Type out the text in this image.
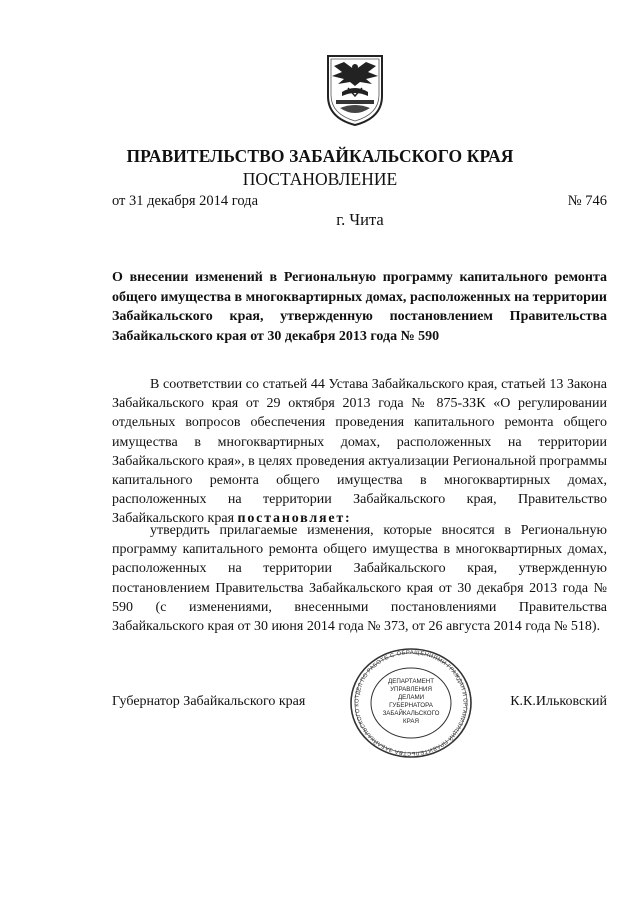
ПРАВИТЕЛЬСТВО ЗАБАЙКАЛЬСКОГО КРАЯ
ПОСТАНОВЛЕНИЕ
от 31 декабря 2014 года	№ 746
г. Чита
О внесении изменений в Региональную программу капитального ремонта общего имущества в многоквартирных домах, расположенных на территории Забайкальского края, утвержденную постановлением Правительства Забайкальского края от 30 декабря 2013 года № 590
В соответствии со статьей 44 Устава Забайкальского края, статьей 13 Закона Забайкальского края от 29 октября 2013 года № 875-ЗЗК «О регулировании отдельных вопросов обеспечения проведения капитального ремонта общего имущества в многоквартирных домах, расположенных на территории Забайкальского края», в целях проведения актуализации Региональной программы капитального ремонта общего имущества в многоквартирных домах, расположенных на территории Забайкальского края, Правительство Забайкальского края постановляет:
утвердить прилагаемые изменения, которые вносятся в Региональную программу капитального ремонта общего имущества в многоквартирных домах, расположенных на территории Забайкальского края, утвержденную постановлением Правительства Забайкальского края от 30 декабря 2013 года № 590 (с изменениями, внесенными постановлениями Правительства Забайкальского края от 30 июня 2014 года № 373, от 26 августа 2014 года № 518).
Губернатор Забайкальского края	ОТДЕЛ ПО РАБОТЕ С ОБРАЩЕНИЯМИ ГРАЖДАН И ОРГАНИЗАЦИЙ ПРАВИТЕЛЬСТВА ЗАБАЙКАЛЬСКОГО К
ДЕПАРТАМЕНТ
УПРАВЛЕНИЯ
ДЕЛАМИ
ГУБЕРНАТОРА
ЗАБАЙКАЛЬСКОГО
КРАЯ
К.К.Ильковский
